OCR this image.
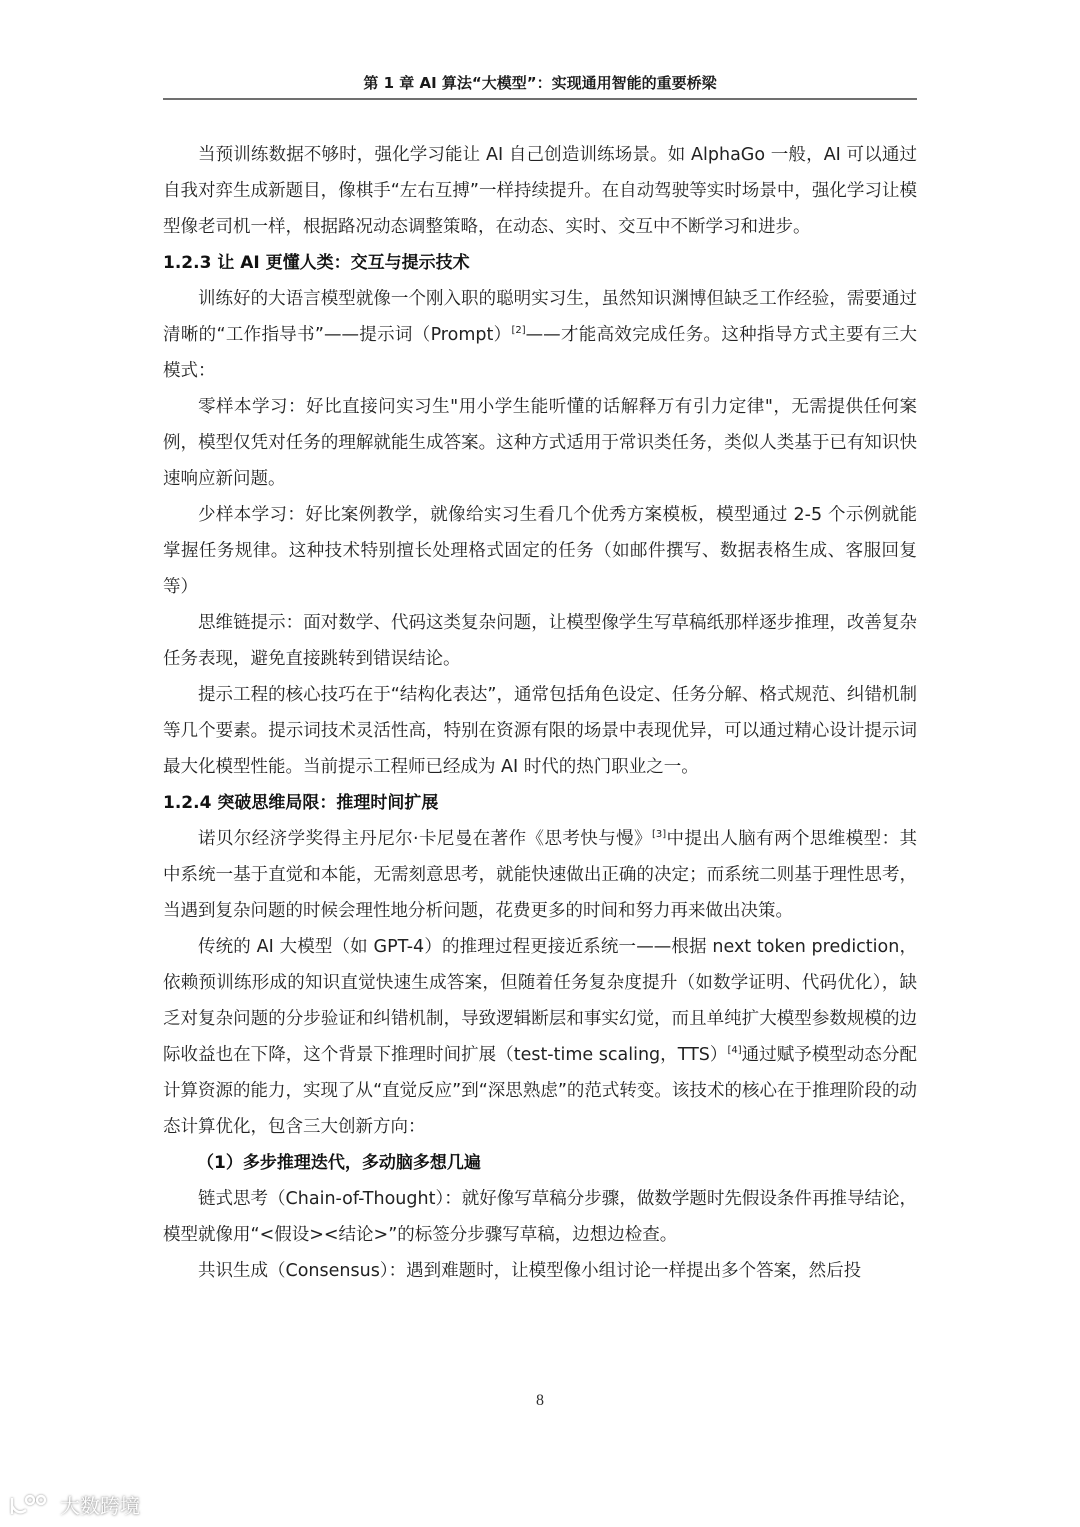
第 1 章 AI 算法“大模型”：实现通用智能的重要桥梁

当预训练数据不够时，强化学习能让 AI 自己创造训练场景。如 AlphaGo 一般，AI 可以通过自我对弈生成新题目，像棋手“左右互搏”一样持续提升。在自动驾驶等实时场景中，强化学习让模型像老司机一样，根据路况动态调整策略，在动态、实时、交互中不断学习和进步。

1.2.3 让 AI 更懂人类：交互与提示技术

训练好的大语言模型就像一个刚入职的聪明实习生，虽然知识渊博但缺乏工作经验，需要通过清晰的“工作指导书”——提示词（Prompt）[2]——才能高效完成任务。这种指导方式主要有三大模式：

零样本学习：好比直接问实习生"用小学生能听懂的话解释万有引力定律"，无需提供任何案例，模型仅凭对任务的理解就能生成答案。这种方式适用于常识类任务，类似人类基于已有知识快速响应新问题。

少样本学习：好比案例教学，就像给实习生看几个优秀方案模板，模型通过 2-5 个示例就能掌握任务规律。这种技术特别擅长处理格式固定的任务（如邮件撰写、数据表格生成、客服回复等）

思维链提示：面对数学、代码这类复杂问题，让模型像学生写草稿纸那样逐步推理，改善复杂任务表现，避免直接跳转到错误结论。

提示工程的核心技巧在于“结构化表达”，通常包括角色设定、任务分解、格式规范、纠错机制等几个要素。提示词技术灵活性高，特别在资源有限的场景中表现优异，可以通过精心设计提示词最大化模型性能。当前提示工程师已经成为 AI 时代的热门职业之一。

1.2.4 突破思维局限：推理时间扩展

诺贝尔经济学奖得主丹尼尔·卡尼曼在著作《思考快与慢》[3]中提出人脑有两个思维模型：其中系统一基于直觉和本能，无需刻意思考，就能快速做出正确的决定；而系统二则基于理性思考，当遇到复杂问题的时候会理性地分析问题，花费更多的时间和努力再来做出决策。

传统的 AI 大模型（如 GPT-4）的推理过程更接近系统一——根据 next token prediction，依赖预训练形成的知识直觉快速生成答案，但随着任务复杂度提升（如数学证明、代码优化），缺乏对复杂问题的分步验证和纠错机制，导致逻辑断层和事实幻觉，而且单纯扩大模型参数规模的边际收益也在下降，这个背景下推理时间扩展（test-time scaling，TTS）[4]通过赋予模型动态分配计算资源的能力，实现了从“直觉反应”到“深思熟虑”的范式转变。该技术的核心在于推理阶段的动态计算优化，包含三大创新方向：

（1）多步推理迭代，多动脑多想几遍

链式思考（Chain-of-Thought）：就好像写草稿分步骤，做数学题时先假设条件再推导结论，模型就像用“<假设><结论>”的标签分步骤写草稿，边想边检查。

共识生成（Consensus）：遇到难题时，让模型像小组讨论一样提出多个答案，然后投

8
大数跨境
